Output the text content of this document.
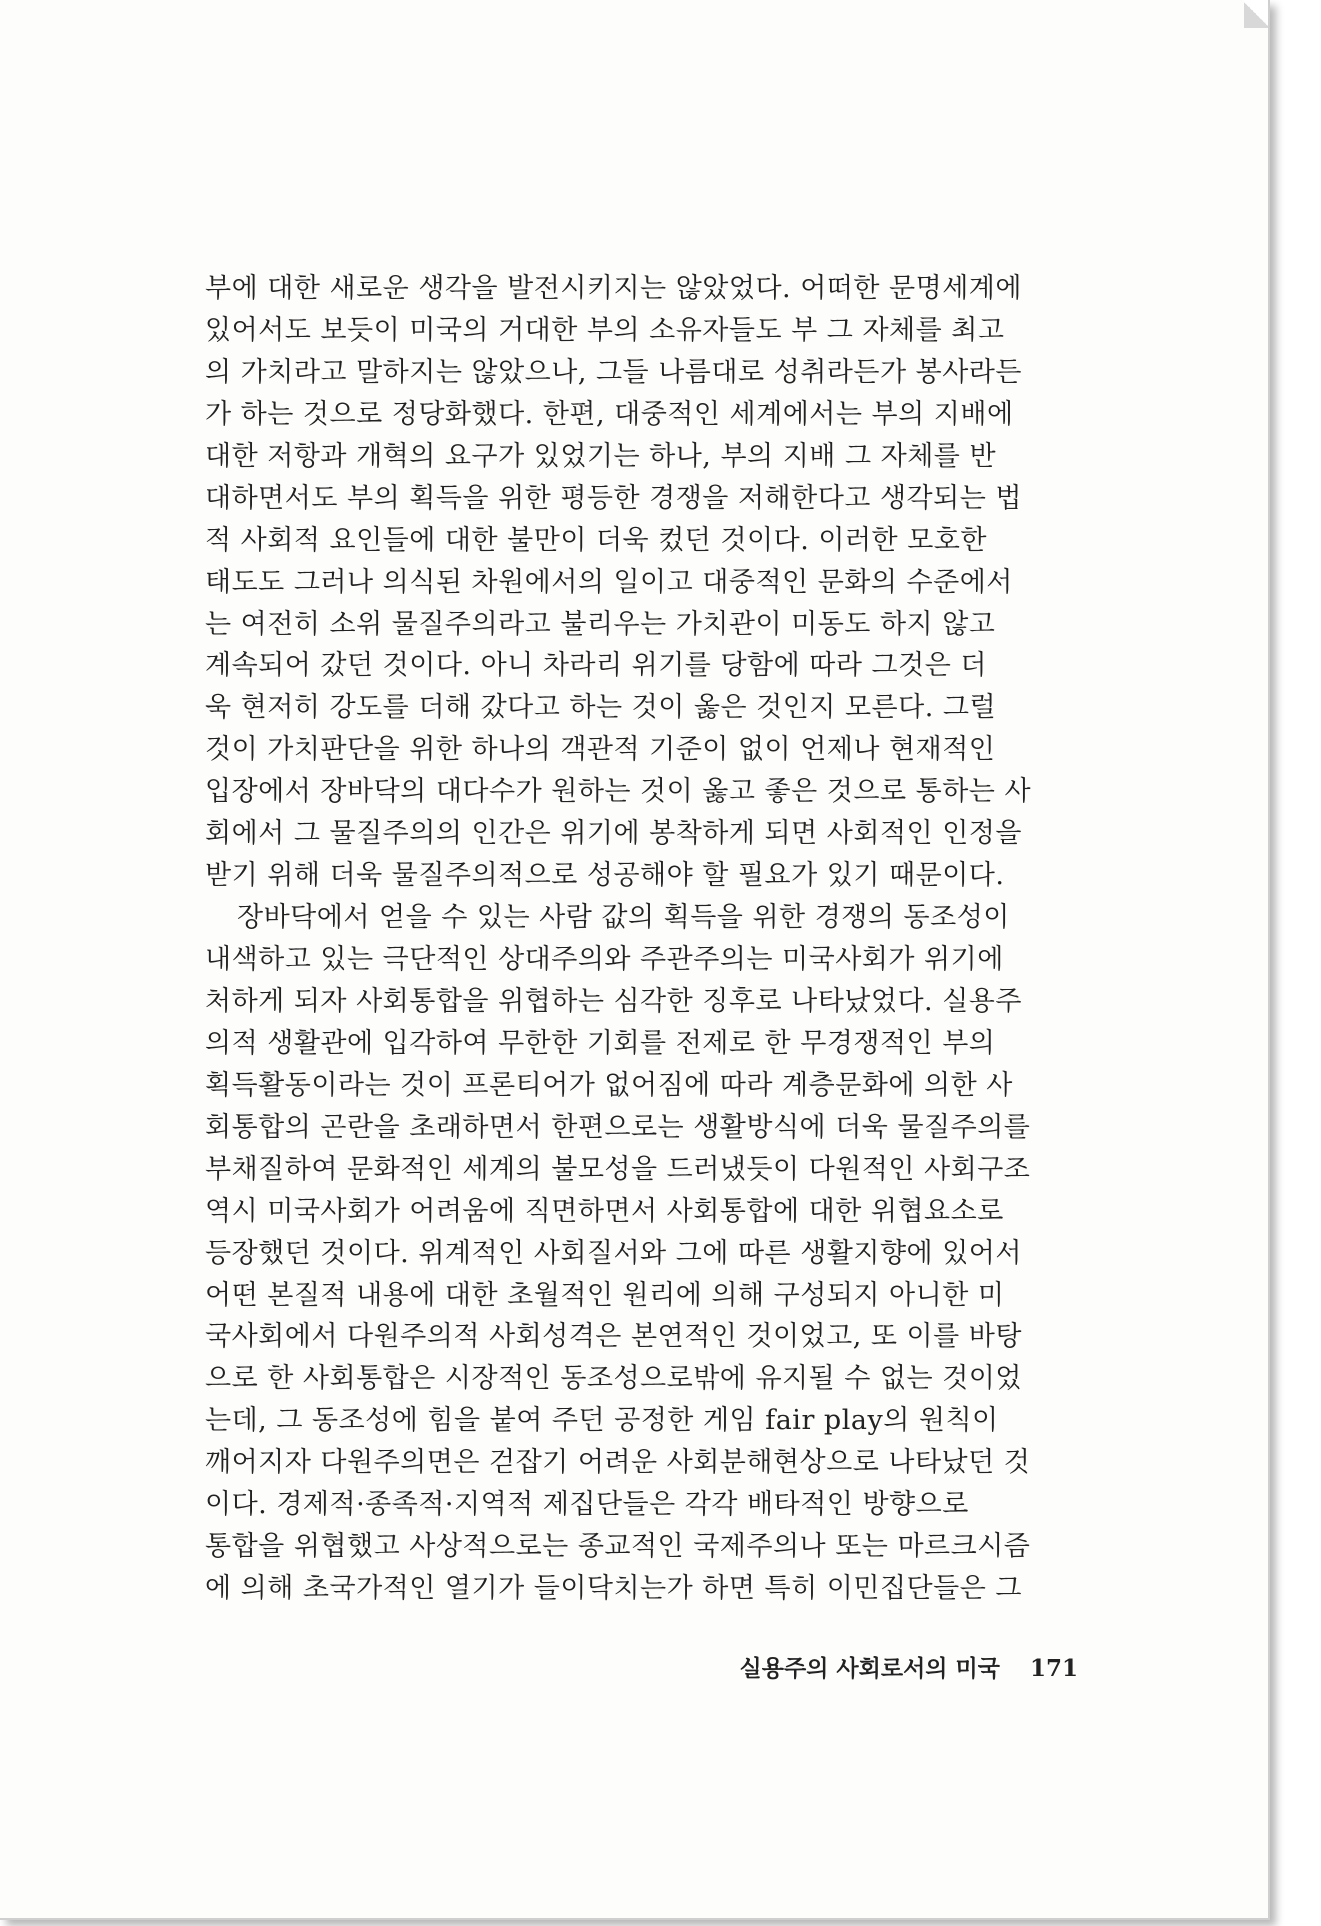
부에 대한 새로운 생각을 발전시키지는 않았었다. 어떠한 문명세계에
있어서도 보듯이 미국의 거대한 부의 소유자들도 부 그 자체를 최고
의 가치라고 말하지는 않았으나, 그들 나름대로 성취라든가 봉사라든
가 하는 것으로 정당화했다. 한편, 대중적인 세계에서는 부의 지배에
대한 저항과 개혁의 요구가 있었기는 하나, 부의 지배 그 자체를 반
대하면서도 부의 획득을 위한 평등한 경쟁을 저해한다고 생각되는 법
적 사회적 요인들에 대한 불만이 더욱 컸던 것이다. 이러한 모호한
태도도 그러나 의식된 차원에서의 일이고 대중적인 문화의 수준에서
는 여전히 소위 물질주의라고 불리우는 가치관이 미동도 하지 않고
계속되어 갔던 것이다. 아니 차라리 위기를 당함에 따라 그것은 더
욱 현저히 강도를 더해 갔다고 하는 것이 옳은 것인지 모른다. 그럴
것이 가치판단을 위한 하나의 객관적 기준이 없이 언제나 현재적인
입장에서 장바닥의 대다수가 원하는 것이 옳고 좋은 것으로 통하는 사
회에서 그 물질주의의 인간은 위기에 봉착하게 되면 사회적인 인정을
받기 위해 더욱 물질주의적으로 성공해야 할 필요가 있기 때문이다.
장바닥에서 얻을 수 있는 사람 값의 획득을 위한 경쟁의 동조성이
내색하고 있는 극단적인 상대주의와 주관주의는 미국사회가 위기에
처하게 되자 사회통합을 위협하는 심각한 징후로 나타났었다. 실용주
의적 생활관에 입각하여 무한한 기회를 전제로 한 무경쟁적인 부의
획득활동이라는 것이 프론티어가 없어짐에 따라 계층문화에 의한 사
회통합의 곤란을 초래하면서 한편으로는 생활방식에 더욱 물질주의를
부채질하여 문화적인 세계의 불모성을 드러냈듯이 다원적인 사회구조
역시 미국사회가 어려움에 직면하면서 사회통합에 대한 위협요소로
등장했던 것이다. 위계적인 사회질서와 그에 따른 생활지향에 있어서
어떤 본질적 내용에 대한 초월적인 원리에 의해 구성되지 아니한 미
국사회에서 다원주의적 사회성격은 본연적인 것이었고, 또 이를 바탕
으로 한 사회통합은 시장적인 동조성으로밖에 유지될 수 없는 것이었
는데, 그 동조성에 힘을 붙여 주던 공정한 게임 fair play의 원칙이
깨어지자 다원주의면은 걷잡기 어려운 사회분해현상으로 나타났던 것
이다. 경제적·종족적·지역적 제집단들은 각각 배타적인 방향으로
통합을 위협했고 사상적으로는 종교적인 국제주의나 또는 마르크시즘
에 의해 초국가적인 열기가 들이닥치는가 하면 특히 이민집단들은 그
실용주의 사회로서의 미국 171
